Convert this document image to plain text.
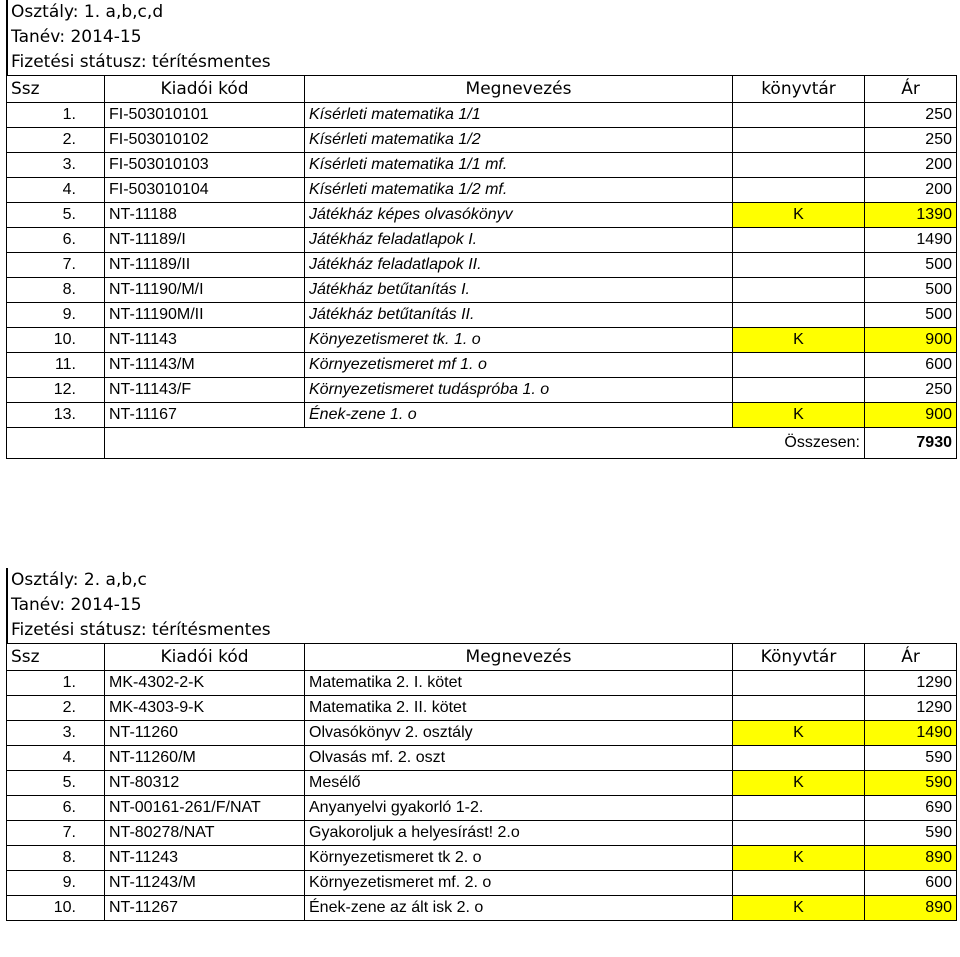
Osztály: 1. a,b,c,d
Tanév: 2014-15
Fizetési státusz: térítésmentes
Ssz	Kiadói kód	Megnevezés	könyvtár	Ár
1.	FI-503010101	Kísérleti matematika 1/1		250
2.	FI-503010102	Kísérleti matematika 1/2		250
3.	FI-503010103	Kísérleti matematika 1/1 mf.		200
4.	FI-503010104	Kísérleti matematika 1/2 mf.		200
5.	NT-11188	Játékház képes olvasókönyv	K	1390
6.	NT-11189/I	Játékház feladatlapok I.		1490
7.	NT-11189/II	Játékház feladatlapok II.		500
8.	NT-11190/M/I	Játékház betűtanítás I.		500
9.	NT-11190M/II	Játékház betűtanítás II.		500
10.	NT-11143	Könyezetismeret tk. 1. o	K	900
11.	NT-11143/M	Környezetismeret mf 1. o		600
12.	NT-11143/F	Környezetismeret tudáspróba 1. o		250
13.	NT-11167	Ének-zene 1. o	K	900
	Összesen:			7930
Osztály: 2. a,b,c
Tanév: 2014-15
Fizetési státusz: térítésmentes
Ssz	Kiadói kód	Megnevezés	Könyvtár	Ár
1.	MK-4302-2-K	Matematika 2. I. kötet		1290
2.	MK-4303-9-K	Matematika 2. II. kötet		1290
3.	NT-11260	Olvasókönyv 2. osztály	K	1490
4.	NT-11260/M	Olvasás mf. 2. oszt		590
5.	NT-80312	Mesélő	K	590
6.	NT-00161-261/F/NAT	Anyanyelvi gyakorló 1-2.		690
7.	NT-80278/NAT	Gyakoroljuk a helyesírást! 2.o		590
8.	NT-11243	Környezetismeret tk 2. o	K	890
9.	NT-11243/M	Környezetismeret mf. 2. o		600
10.	NT-11267	Ének-zene az ált isk 2. o	K	890
